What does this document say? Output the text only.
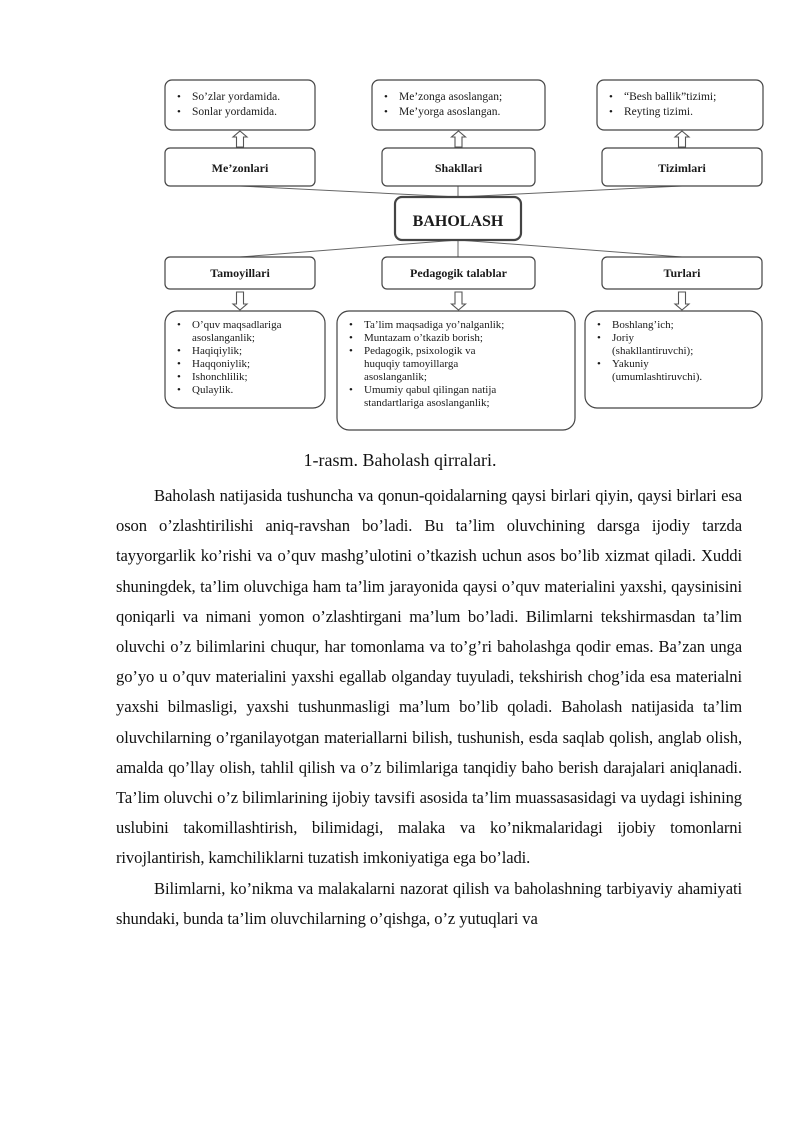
BAHOLASH
• So’zlar yordamida.
• Sonlar yordamida.
Me’zonlari
• Me’zonga asoslangan;
• Me’yorga asoslangan.
Shakllari
• “Besh ballik”tizimi;
• Reyting tizimi.
Tizimlari
Tamoyillari
• O’quv maqsadlariga
asoslanganlik;
• Haqiqiylik;
• Haqqoniylik;
• Ishonchlilik;
• Qulaylik.
Pedagogik talablar
• Ta’lim maqsadiga yo’nalganlik;
• Muntazam o’tkazib borish;
• Pedagogik, psixologik va
huquqiy tamoyillarga
asoslanganlik;
• Umumiy qabul qilingan natija
standartlariga asoslanganlik;
Turlari
• Boshlang’ich;
• Joriy
(shakllantiruvchi);
• Yakuniy
(umumlashtiruvchi).
1-rasm. Baholash qirralari.

Baholash natijasida tushuncha va qonun-qoidalarning qaysi birlari qiyin, qaysi birlari esa oson o’zlashtirilishi aniq-ravshan bo’ladi. Bu ta’lim oluvchining darsga ijodiy tarzda tayyorgarlik ko’rishi va o’quv mashg’ulotini o’tkazish uchun asos bo’lib xizmat qiladi. Xuddi shuningdek, ta’lim oluvchiga ham ta’lim jarayonida qaysi o’quv materialini yaxshi, qaysinisini qoniqarli va nimani yomon o’zlashtirgani ma’lum bo’ladi. Bilimlarni tekshirmasdan ta’lim oluvchi o’z bilimlarini chuqur, har tomonlama va to’g’ri baholashga qodir emas. Ba’zan unga go’yo u o’quv materialini yaxshi egallab olganday tuyuladi, tekshirish chog’ida esa materialni yaxshi bilmasligi, yaxshi tushunmasligi ma’lum bo’lib qoladi. Baholash natijasida ta’lim oluvchilarning o’rganilayotgan materiallarni bilish, tushunish, esda saqlab qolish, anglab olish, amalda qo’llay olish, tahlil qilish va o’z bilimlariga tanqidiy baho berish darajalari aniqlanadi. Ta’lim oluvchi o’z bilimlarining ijobiy tavsifi asosida ta’lim muassasasidagi va uydagi ishining uslubini takomillashtirish, bilimidagi, malaka va ko’nikmalaridagi ijobiy tomonlarni rivojlantirish, kamchiliklarni tuzatish imkoniyatiga ega bo’ladi.

Bilimlarni, ko’nikma va malakalarni nazorat qilish va baholashning tarbiyaviy ahamiyati shundaki, bunda ta’lim oluvchilarning o’qishga, o’z yutuqlari va
